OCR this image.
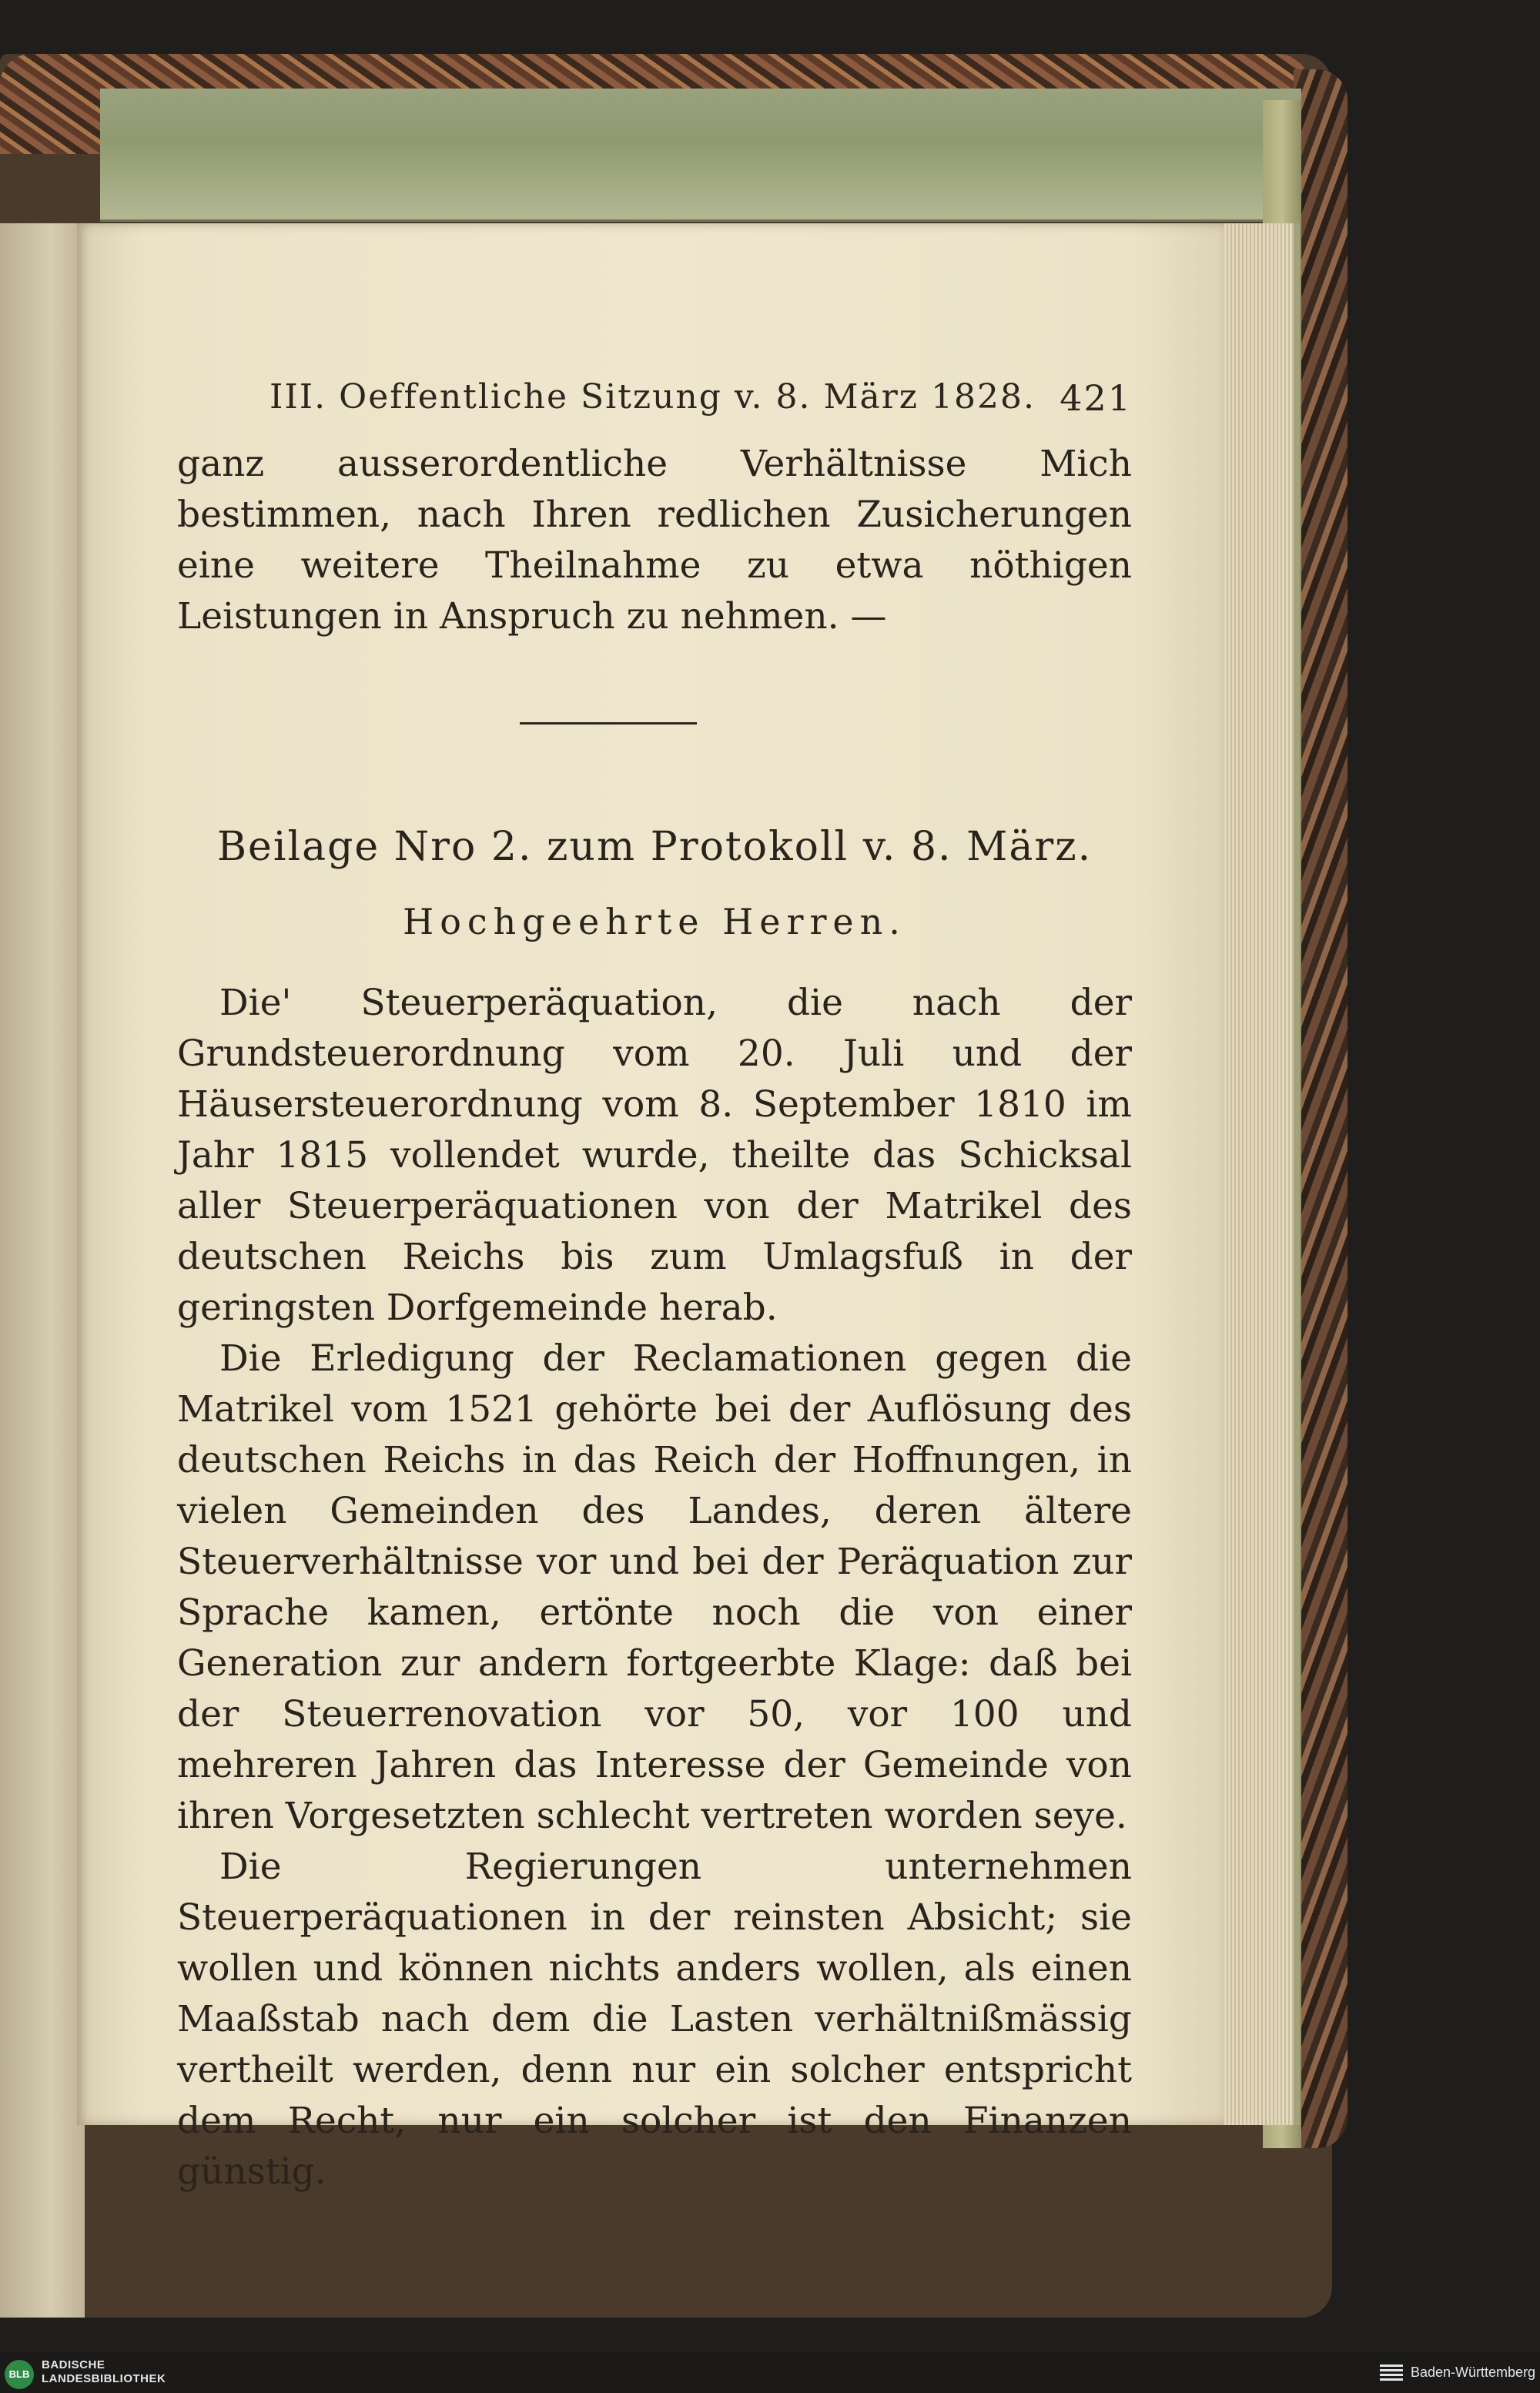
III. Oeffentliche Sitzung v. 8. März 1828. 421

ganz ausserordentliche Verhältnisse Mich bestimmen, nach Ihren redlichen Zusicherungen eine weitere Theilnahme zu etwa nöthigen Leistungen in Anspruch zu nehmen. —

Beilage Nro 2. zum Protokoll v. 8. März.
Hochgeehrte Herren.

Die' Steuerperäquation, die nach der Grundsteuerordnung vom 20. Juli und der Häusersteuerordnung vom 8. September 1810 im Jahr 1815 vollendet wurde, theilte das Schicksal aller Steuerperäquationen von der Matrikel des deutschen Reichs bis zum Umlagsfuß in der geringsten Dorfgemeinde herab.

Die Erledigung der Reclamationen gegen die Matrikel vom 1521 gehörte bei der Auflösung des deutschen Reichs in das Reich der Hoffnungen, in vielen Gemeinden des Landes, deren ältere Steuerverhältnisse vor und bei der Peräquation zur Sprache kamen, ertönte noch die von einer Generation zur andern fortgeerbte Klage: daß bei der Steuerrenovation vor 50, vor 100 und mehreren Jahren das Interesse der Gemeinde von ihren Vorgesetzten schlecht vertreten worden seye.

Die Regierungen unternehmen Steuerperäquationen in der reinsten Absicht; sie wollen und können nichts anders wollen, als einen Maaßstab nach dem die Lasten verhältnißmässig vertheilt werden, denn nur ein solcher entspricht dem Recht, nur ein solcher ist den Finanzen günstig.

BLB
BADISCHE
LANDESBIBLIOTHEK	Baden-Württemberg
